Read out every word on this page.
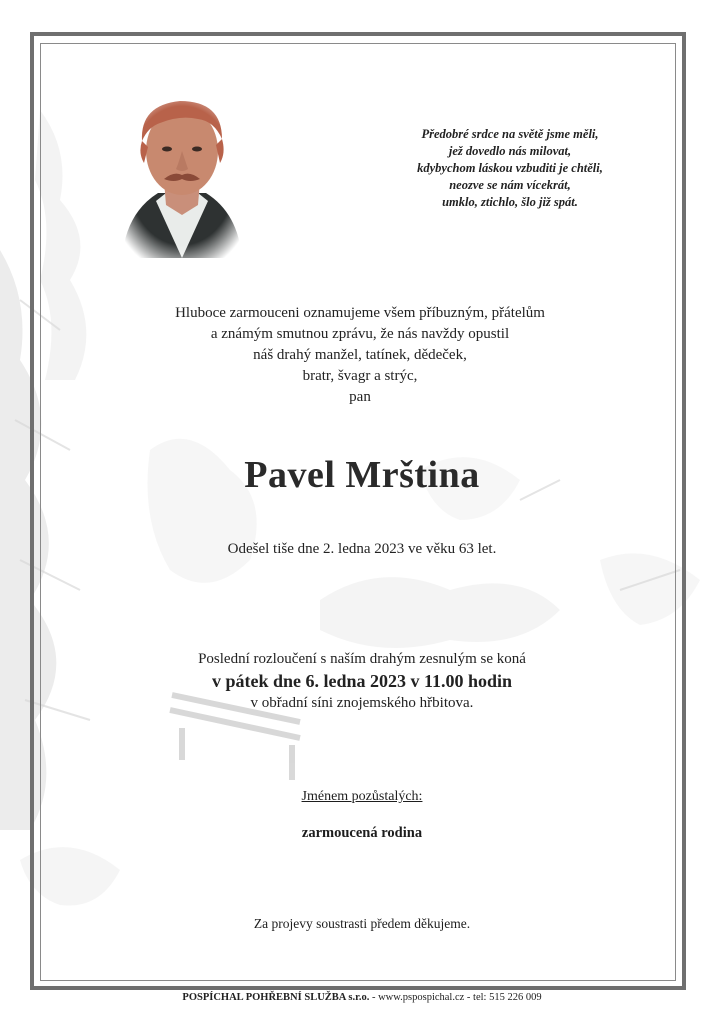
Předobré srdce na světě jsme měli,
jež dovedlo nás milovat,
kdybychom láskou vzbuditi je chtěli,
neozve se nám vícekrát,
umklo, ztichlo, šlo již spát.
Hluboce zarmouceni oznamujeme všem příbuzným, přátelům
a známým smutnou zprávu, že nás navždy opustil
náš drahý manžel, tatínek, dědeček,
bratr, švagr a strýc,
pan
Pavel Mrština
Odešel tiše dne 2. ledna 2023 ve věku 63 let.
Poslední rozloučení s naším drahým zesnulým se koná
v pátek dne 6. ledna 2023 v 11.00 hodin
v obřadní síni znojemského hřbitova.
Jménem pozůstalých:
zarmoucená rodina
Za projevy soustrasti předem děkujeme.
POSPÍCHAL POHŘEBNÍ SLUŽBA s.r.o. - www.pspospichal.cz - tel: 515 226 009
